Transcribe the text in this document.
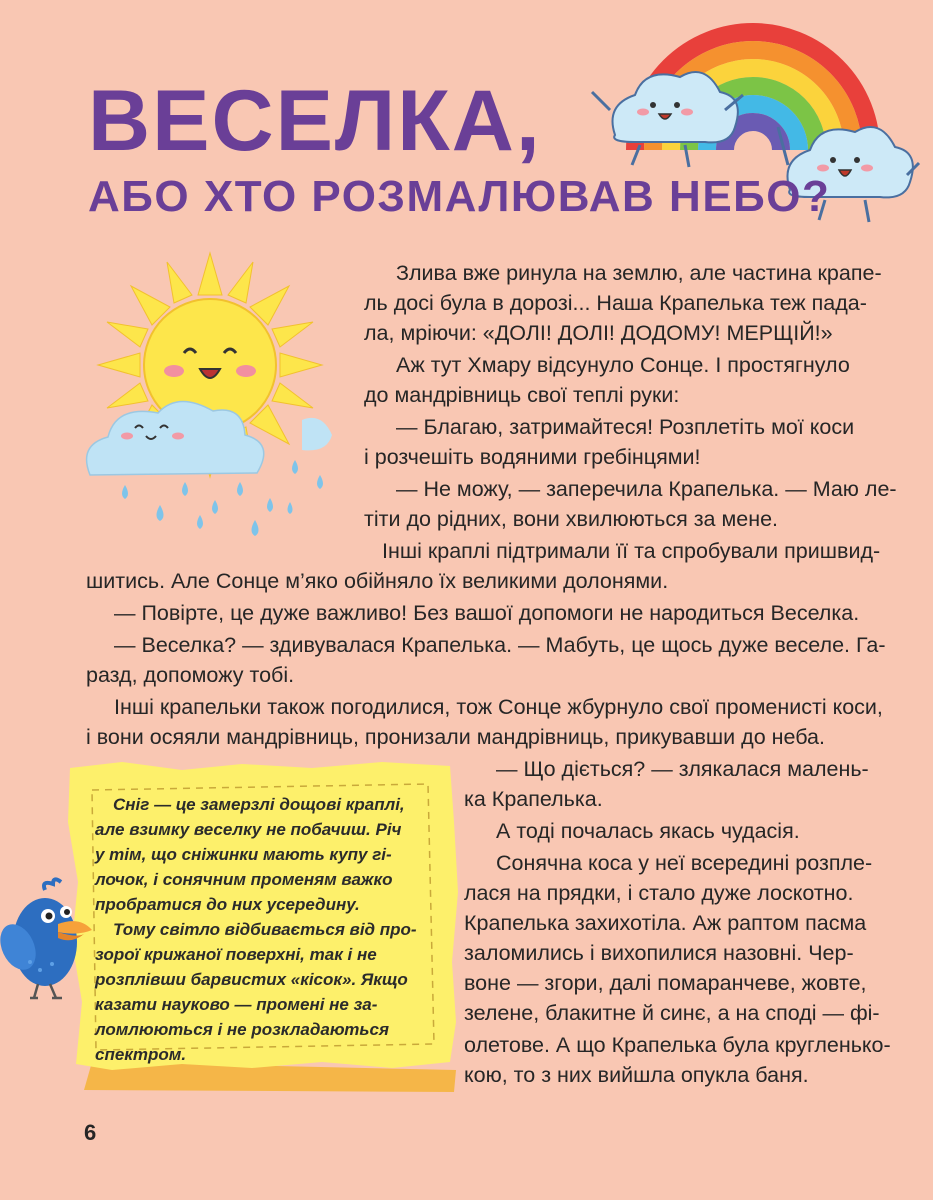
ВЕСЕЛКА,
АБО ХТО РОЗМАЛЮВАВ НЕБО?

Злива вже ринула на землю, але частина крапе-

ль досі була в дорозі... Наша Крапелька теж пада-

ла, мріючи: «ДОЛІ! ДОЛІ! ДОДОМУ! МЕРЩІЙ!»

Аж тут Хмару відсунуло Сонце. І простягнуло

до мандрівниць свої теплі руки:

— Благаю, затримайтеся! Розплетіть мої коси

і розчешіть водяними гребінцями!

— Не можу, — заперечила Крапелька. — Маю ле-

тіти до рідних, вони хвилюються за мене.

Інші краплі підтримали її та спробували пришвид-

шитись. Але Сонце м’яко обійняло їх великими долонями.

— Повірте, це дуже важливо! Без вашої допомоги не народиться Веселка.

— Веселка? — здивувалася Крапелька. — Мабуть, це щось дуже веселе. Га-

разд, допоможу тобі.

Інші крапельки також погодилися, тож Сонце жбурнуло свої променисті коси,

і вони осяяли мандрівниць, пронизали мандрівниць, прикувавши до неба.

— Що діється? — злякалася малень-

ка Крапелька.

А тоді почалась якась чудасія.

Сонячна коса у неї всередині розпле-

лася на прядки, і стало дуже лоскотно.

Крапелька захихотіла. Аж раптом пасма

заломились і вихопилися назовні. Чер-

воне — згори, далі помаранчеве, жовте,

зелене, блакитне й синє, а на споді — фі-

олетове. А що Крапелька була кругленько-

кою, то з них вийшла опукла баня.

Сніг — це замерзлі дощові краплі,

але взимку веселку не побачиш. Річ

у тім, що сніжинки мають купу гі-

лочок, і сонячним променям важко

пробратися до них усередину.

Тому світло відбивається від про-

зорої крижаної поверхні, так і не

розплівши барвистих «кісок». Якщо

казати науково — промені не за-

ломлюються і не розкладаються

спектром.

6
